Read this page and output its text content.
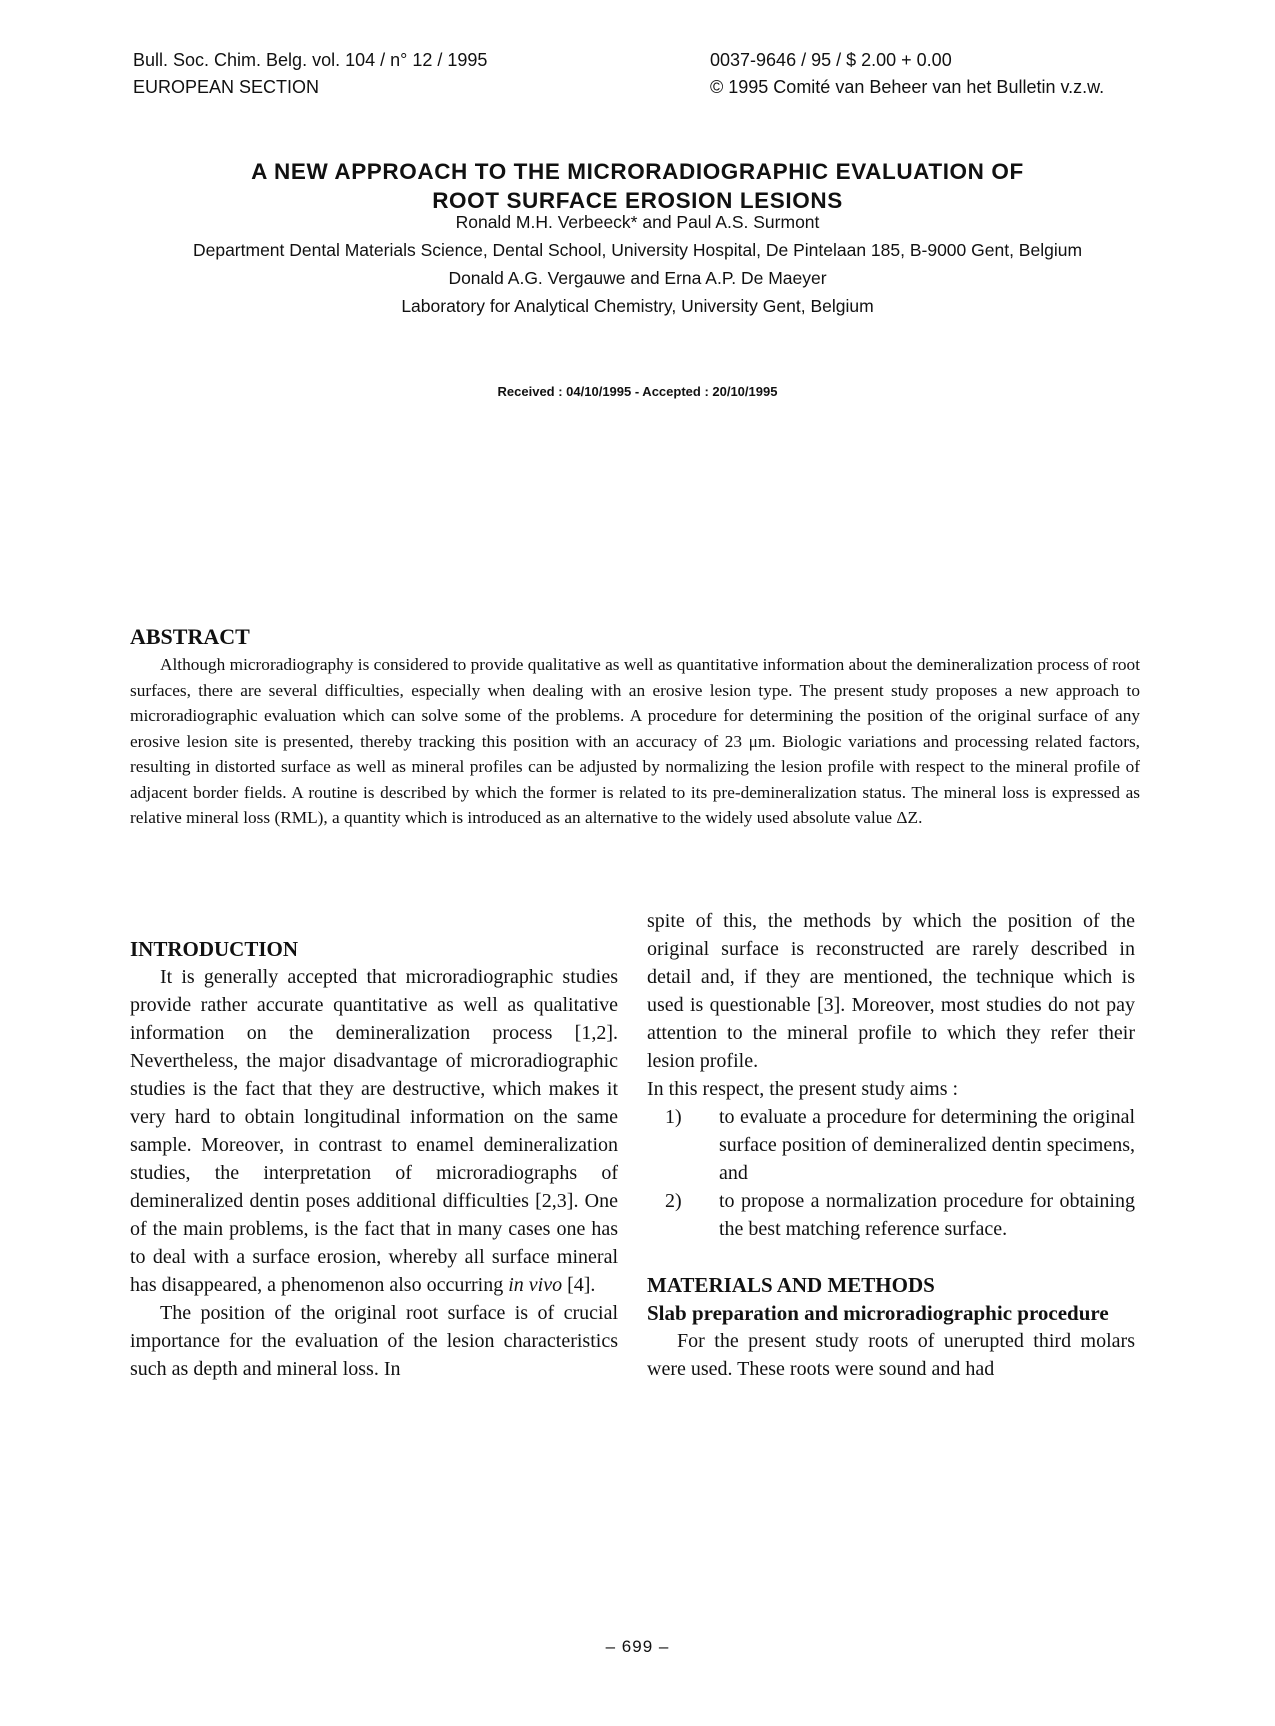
Bull. Soc. Chim. Belg. vol. 104 / n° 12 / 1995
EUROPEAN SECTION
0037-9646 / 95 / $ 2.00 + 0.00
© 1995 Comité van Beheer van het Bulletin v.z.w.
A NEW APPROACH TO THE MICRORADIOGRAPHIC EVALUATION OF
ROOT SURFACE EROSION LESIONS
Ronald M.H. Verbeeck* and Paul A.S. Surmont
Department Dental Materials Science, Dental School, University Hospital, De Pintelaan 185, B-9000 Gent, Belgium
Donald A.G. Vergauwe and Erna A.P. De Maeyer
Laboratory for Analytical Chemistry, University Gent, Belgium
Received : 04/10/1995 - Accepted : 20/10/1995
ABSTRACT
Although microradiography is considered to provide qualitative as well as quantitative information about the demineralization process of root surfaces, there are several difficulties, especially when dealing with an erosive lesion type. The present study proposes a new approach to microradiographic evaluation which can solve some of the problems. A procedure for determining the position of the original surface of any erosive lesion site is presented, thereby tracking this position with an accuracy of 23 μm. Biologic variations and processing related factors, resulting in distorted surface as well as mineral profiles can be adjusted by normalizing the lesion profile with respect to the mineral profile of adjacent border fields. A routine is described by which the former is related to its pre-demineralization status. The mineral loss is expressed as relative mineral loss (RML), a quantity which is introduced as an alternative to the widely used absolute value ΔZ.

INTRODUCTION

It is generally accepted that microradiographic studies provide rather accurate quantitative as well as qualitative information on the demineralization process [1,2]. Nevertheless, the major disadvantage of microradiographic studies is the fact that they are destructive, which makes it very hard to obtain longitudinal information on the same sample. Moreover, in contrast to enamel demineralization studies, the interpretation of microradiographs of demineralized dentin poses additional difficulties [2,3]. One of the main problems, is the fact that in many cases one has to deal with a surface erosion, whereby all surface mineral has disappeared, a phenomenon also occurring in vivo [4].

The position of the original root surface is of crucial importance for the evaluation of the lesion characteristics such as depth and mineral loss. In

spite of this, the methods by which the position of the original surface is reconstructed are rarely described in detail and, if they are mentioned, the technique which is used is questionable [3]. Moreover, most studies do not pay attention to the mineral profile to which they refer their lesion profile.

In this respect, the present study aims :

1)	to evaluate a procedure for determining the original surface position of demineralized dentin specimens, and
2)	to propose a normalization procedure for obtaining the best matching reference surface.

MATERIALS AND METHODS

Slab preparation and microradiographic procedure

For the present study roots of unerupted third molars were used. These roots were sound and had

– 699 –
